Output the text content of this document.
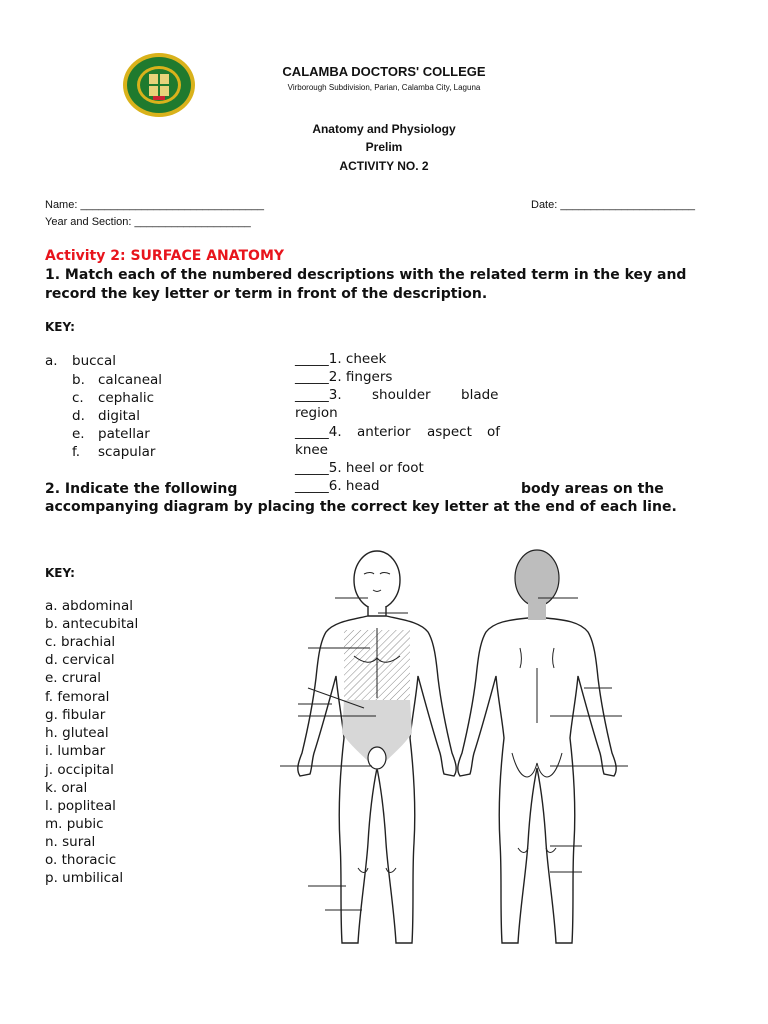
CALAMBA DOCTORS' COLLEGE
Virborough Subdivision, Parian, Calamba City, Laguna
Anatomy and Physiology
Prelim
ACTIVITY NO. 2
Name: ______________________________	Date: ______________________
Year and Section: ___________________
Activity 2: SURFACE ANATOMY
1. Match each of the numbered descriptions with the related term in the key and record the key letter or term in front of the description.
KEY:
a. buccal
b. calcaneal
c. cephalic
d. digital
e. patellar
f. scapular
_____1. cheek
_____2. fingers
_____3. shoulder blade
region
_____4. anterior aspect of
knee
_____5. heel or foot
_____6. head
2. Indicate the following	body areas on the
accompanying diagram by placing the correct key letter at the end of each line.
KEY:
a. abdominal
b. antecubital
c. brachial
d. cervical
e. crural
f. femoral
g. fibular
h. gluteal
i. lumbar
j. occipital
k. oral
l. popliteal
m. pubic
n. sural
o. thoracic
p. umbilical
